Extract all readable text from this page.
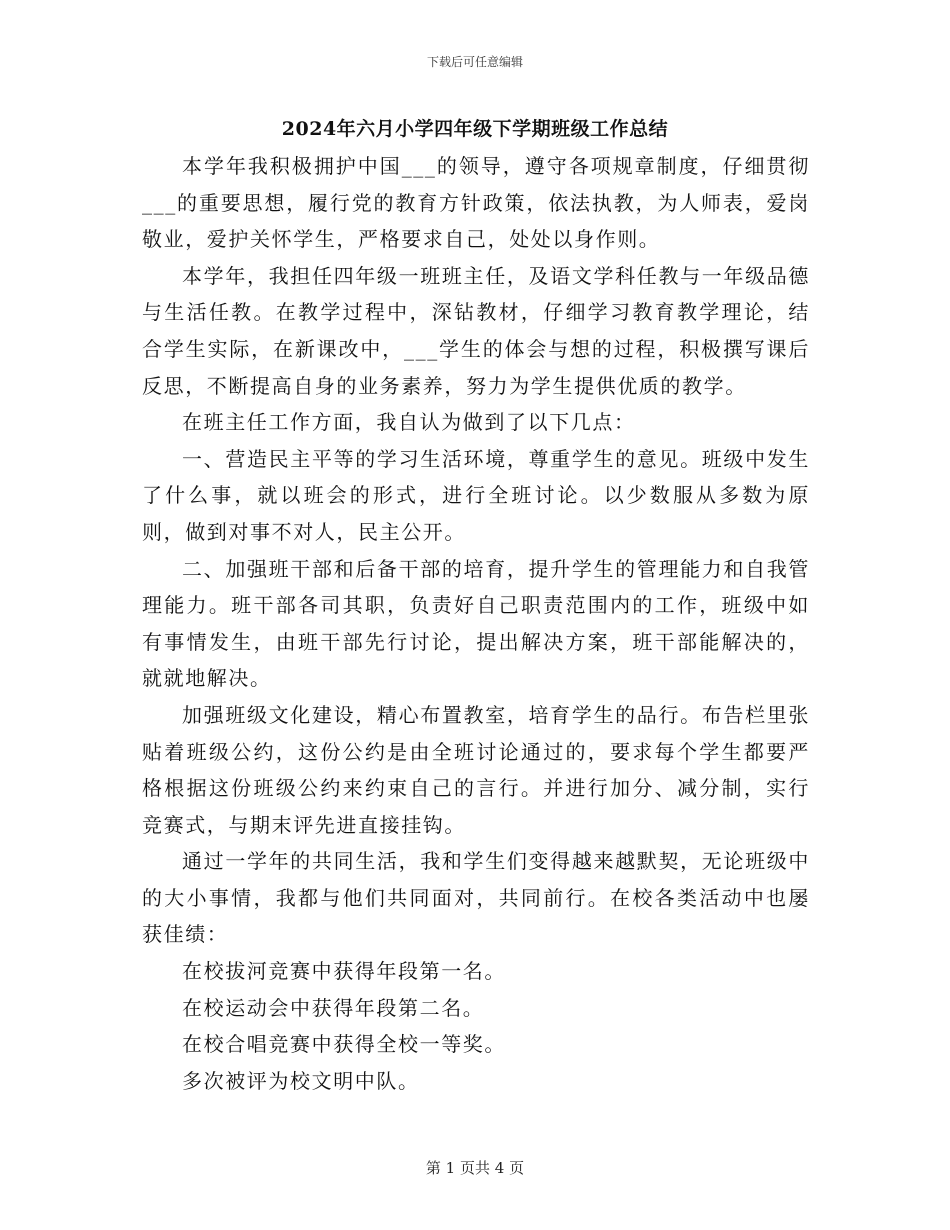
下载后可任意编辑
2024年六月小学四年级下学期班级工作总结

本学年我积极拥护中国___的领导，遵守各项规章制度，仔细贯彻___的重要思想，履行党的教育方针政策，依法执教，为人师表，爱岗敬业，爱护关怀学生，严格要求自己，处处以身作则。

本学年，我担任四年级一班班主任，及语文学科任教与一年级品德与生活任教。在教学过程中，深钻教材，仔细学习教育教学理论，结合学生实际，在新课改中，___学生的体会与想的过程，积极撰写课后反思，不断提高自身的业务素养，努力为学生提供优质的教学。

在班主任工作方面，我自认为做到了以下几点：

一、营造民主平等的学习生活环境，尊重学生的意见。班级中发生了什么事，就以班会的形式，进行全班讨论。以少数服从多数为原则，做到对事不对人，民主公开。

二、加强班干部和后备干部的培育，提升学生的管理能力和自我管理能力。班干部各司其职，负责好自己职责范围内的工作，班级中如有事情发生，由班干部先行讨论，提出解决方案，班干部能解决的，就就地解决。

加强班级文化建设，精心布置教室，培育学生的品行。布告栏里张贴着班级公约，这份公约是由全班讨论通过的，要求每个学生都要严格根据这份班级公约来约束自己的言行。并进行加分、减分制，实行竞赛式，与期末评先进直接挂钩。

通过一学年的共同生活，我和学生们变得越来越默契，无论班级中的大小事情，我都与他们共同面对，共同前行。在校各类活动中也屡获佳绩：

在校拔河竞赛中获得年段第一名。

在校运动会中获得年段第二名。

在校合唱竞赛中获得全校一等奖。

多次被评为校文明中队。

第 1 页共 4 页
